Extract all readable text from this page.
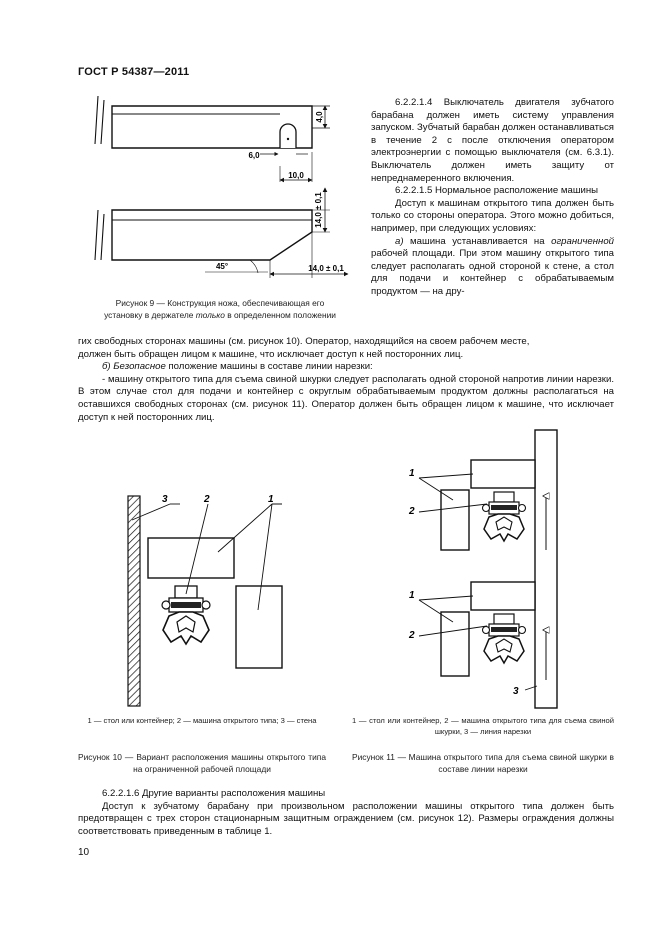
ГОСТ Р 54387—2011
4,0
6,0
10,0
14,0 ± 0,1
14,0 ± 0,1
45°
Рисунок 9 — Конструкция ножа, обеспечивающая его
установку в держателе только в определенном положении

6.2.2.1.4 Выключатель двигателя зубчатого барабана должен иметь систему управления запуском. Зубчатый барабан должен останавливаться в течение 2 с после отключения оператором электроэнергии с помощью выключателя (см. 6.3.1). Выключатель должен иметь защиту от непреднамеренного включения.

6.2.2.1.5 Нормальное расположение машины

Доступ к машинам открытого типа должен быть только со стороны оператора. Этого можно добиться, например, при следующих условиях:

а) машина устанавливается на ограниченной рабочей площади. При этом машину открытого типа следует располагать одной стороной к стене, а стол для подачи и контейнер с обрабатываемым продуктом — на дру-

гих свободных сторонах машины (см. рисунок 10). Оператор, находящийся на своем рабочем месте,

должен быть обращен лицом к машине, что исключает доступ к ней посторонних лиц.

б) Безопасное положение машины в составе линии нарезки:

- машину открытого типа для съема свиной шкурки следует располагать одной стороной напротив линии нарезки. В этом случае стол для подачи и контейнер с округлым обрабатываемым продуктом должны располагаться на оставшихся свободных сторонах (см. рисунок 11). Оператор должен быть обращен лицом к машине, что исключает доступ к ней посторонних лиц.

3	2	1
1
2
1
2
3
1 — стол или контейнер; 2 — машина открытого типа; 3 — стена	1 — стол или контейнер, 2 — машина открытого типа для съема свиной шкурки, 3 — линия нарезки
Рисунок 10 — Вариант расположения машины открытого типа на ограниченной рабочей площади
Рисунок 11 — Машина открытого типа для съема свиной шкурки в составе линии нарезки

6.2.2.1.6 Другие варианты расположения машины

Доступ к зубчатому барабану при произвольном расположении машины открытого типа должен быть предотвращен с трех сторон стационарным защитным ограждением (см. рисунок 12). Размеры ограждения должны соответствовать приведенным в таблице 1.

10
